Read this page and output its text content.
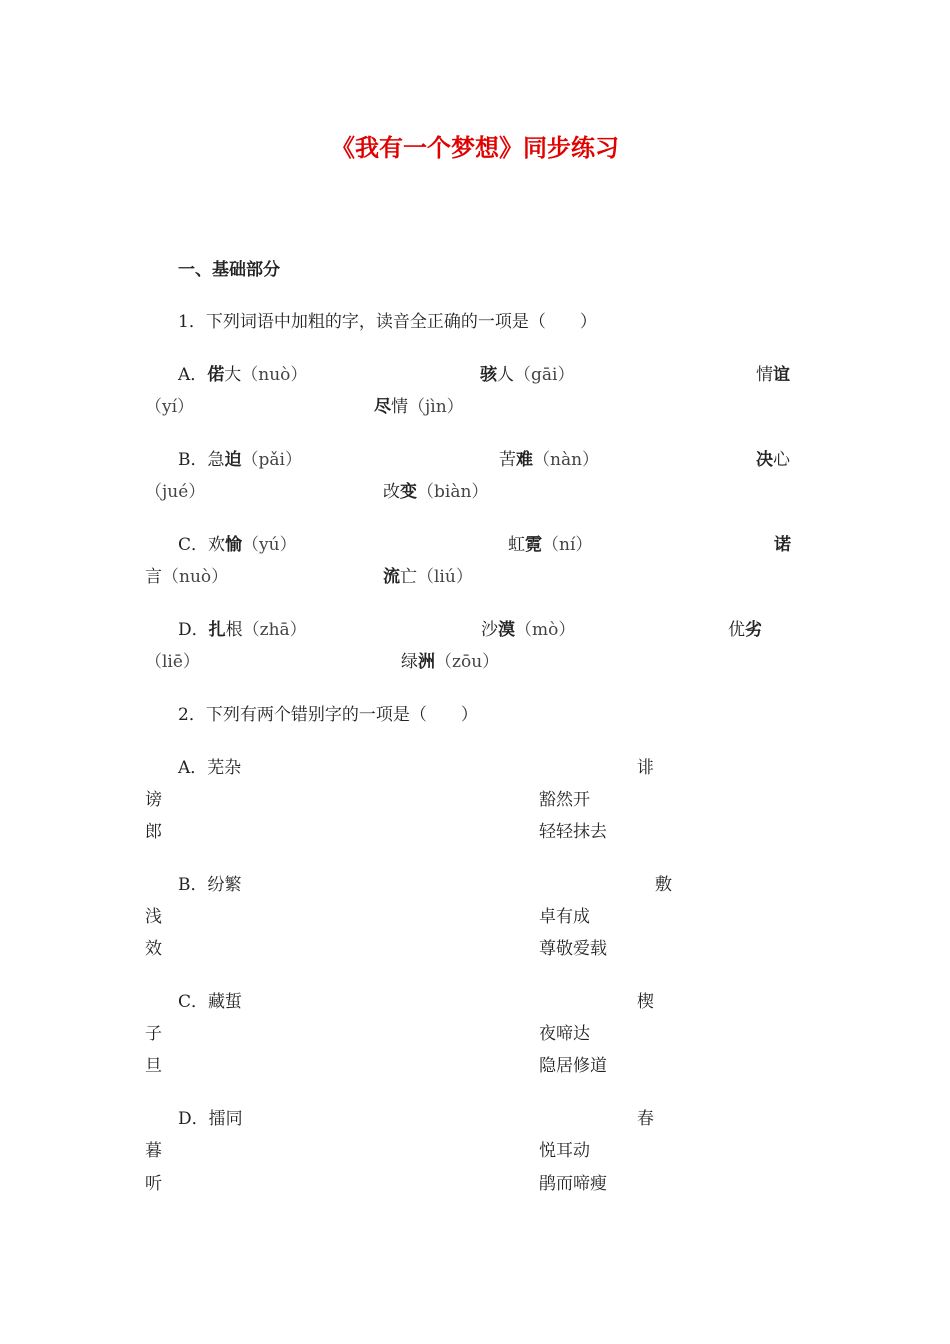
《我有一个梦想》同步练习
一、基础部分
1．下列词语中加粗的字，读音全正确的一项是（　　）
A．偌大（nuò）	骇人（gāi）	情谊
（yí）	尽情（jìn）
B．急迫（pǎi）	苦难（nàn）	决心
（jué）	改变（biàn）
C．欢愉（yú）	虹霓（ní）	诺
言（nuò）	流亡（liú）
D．扎根（zhā）	沙漠（mò）	优劣
（liē）	绿洲（zōu）
2．下列有两个错别字的一项是（　　）
A．芜杂	诽
谤	豁然开
郎	轻轻抹去
B．纷繁	敷
浅	卓有成
效	尊敬爱载
C．藏蜇	楔
子	夜啼达
旦	隐居修道
D．擂同	春
暮	悦耳动
听	鹃而啼瘦
